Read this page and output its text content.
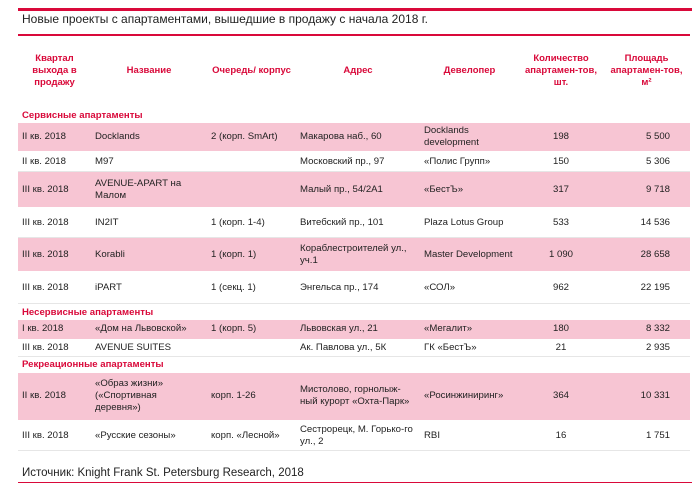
Новые проекты с апартаментами, вышедшие в продажу с начала 2018 г.
Квартал выхода в продажу	Название	Очередь/ корпус	Адрес	Девелопер	Количество апартамен-тов, шт.	Площадь апартамен-тов, м²
Сервисные апартаменты						
II кв. 2018	Docklands	2 (корп. SmArt)	Макарова наб., 60	Docklands development	198	5 500
II кв. 2018	M97		Московский пр., 97	«Полис Групп»	150	5 306
III кв. 2018	AVENUE-APART на Малом		Малый пр., 54/2А1	«БестЪ»	317	9 718
III кв. 2018	IN2IT	1 (корп. 1-4)	Витебский пр., 101	Plaza Lotus Group	533	14 536
III кв. 2018	Korabli	1 (корп. 1)	Кораблестроителей ул., уч.1	Master Development	1 090	28 658
III кв. 2018	iPART	1 (секц. 1)	Энгельса пр., 174	«СОЛ»	962	22 195
Несервисные апартаменты						
I кв. 2018	«Дом на Львовской»	1 (корп. 5)	Львовская ул., 21	«Мегалит»	180	8 332
III кв. 2018	AVENUE SUITES		Ак. Павлова ул., 5К	ГК «БестЪ»	21	2 935
Рекреационные апартаменты						
II кв. 2018	«Образ жизни» («Спортивная деревня»)	корп. 1-26	Мистолово, горнолыж-ный курорт «Охта-Парк»	«Росинжиниринг»	364	10 331
III кв. 2018	«Русские сезоны»	корп. «Лесной»	Сестрорецк, М. Горько-го ул., 2	RBI	16	1 751
Источник: Knight Frank St. Petersburg Research, 2018
